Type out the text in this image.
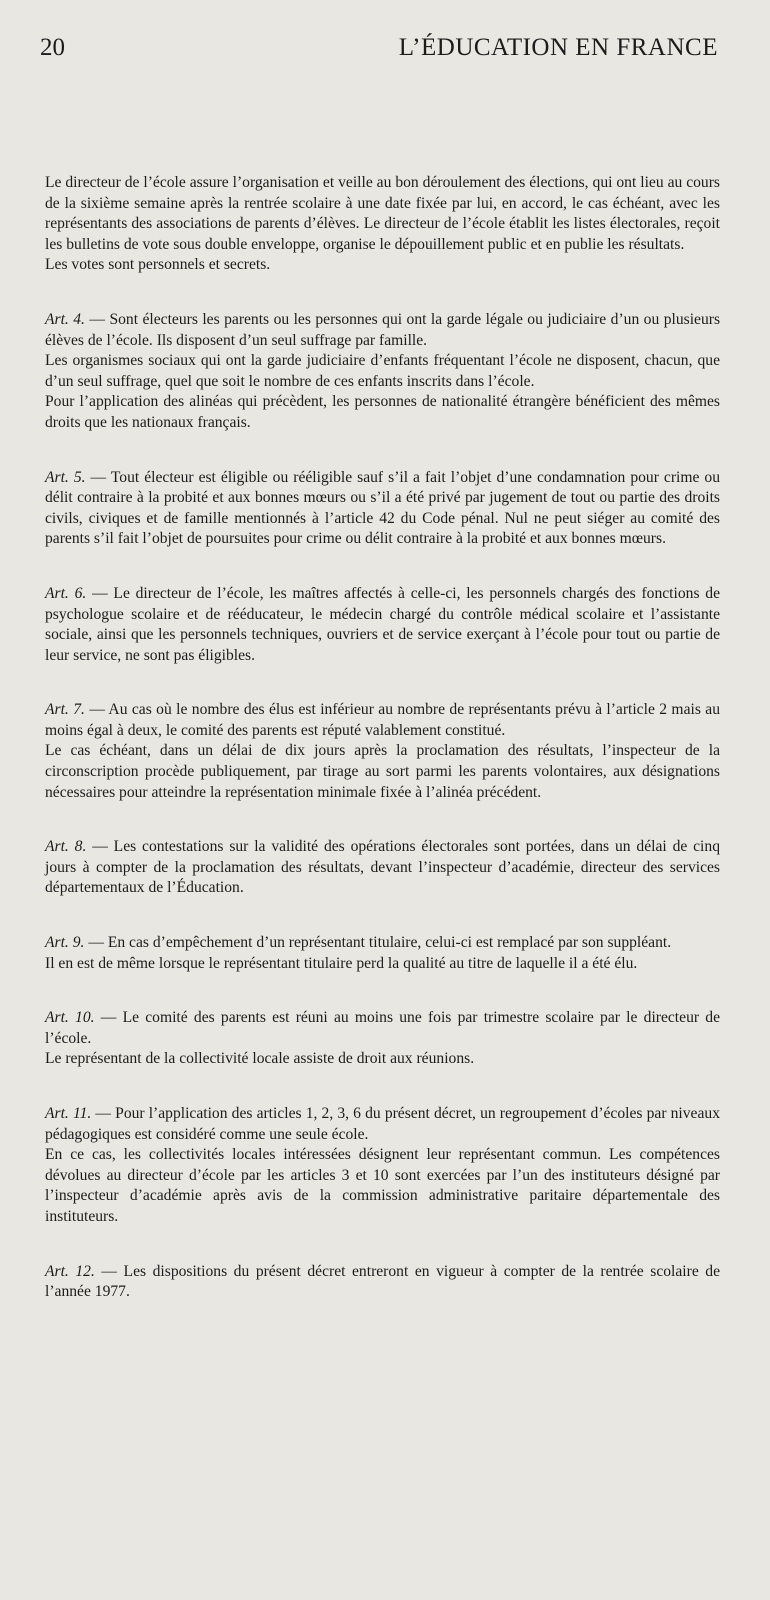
20	L’ÉDUCATION EN FRANCE

Le directeur de l’école assure l’organisation et veille au bon déroulement des élections, qui ont lieu au cours de la sixième semaine après la rentrée scolaire à une date fixée par lui, en accord, le cas échéant, avec les représentants des associations de parents d’élèves. Le directeur de l’école établit les listes électorales, reçoit les bulletins de vote sous double enveloppe, organise le dépouillement public et en publie les résultats.

Les votes sont personnels et secrets.

Art. 4. — Sont électeurs les parents ou les personnes qui ont la garde légale ou judiciaire d’un ou plusieurs élèves de l’école. Ils disposent d’un seul suffrage par famille.

Les organismes sociaux qui ont la garde judiciaire d’enfants fréquentant l’école ne disposent, chacun, que d’un seul suffrage, quel que soit le nombre de ces enfants inscrits dans l’école.

Pour l’application des alinéas qui précèdent, les personnes de nationalité étrangère bénéficient des mêmes droits que les nationaux français.

Art. 5. — Tout électeur est éligible ou rééligible sauf s’il a fait l’objet d’une condamnation pour crime ou délit contraire à la probité et aux bonnes mœurs ou s’il a été privé par jugement de tout ou partie des droits civils, civiques et de famille mentionnés à l’article 42 du Code pénal. Nul ne peut siéger au comité des parents s’il fait l’objet de poursuites pour crime ou délit contraire à la probité et aux bonnes mœurs.

Art. 6. — Le directeur de l’école, les maîtres affectés à celle-ci, les personnels chargés des fonctions de psychologue scolaire et de rééducateur, le médecin chargé du contrôle médical scolaire et l’assistante sociale, ainsi que les personnels techniques, ouvriers et de service exerçant à l’école pour tout ou partie de leur service, ne sont pas éligibles.

Art. 7. — Au cas où le nombre des élus est inférieur au nombre de représentants prévu à l’article 2 mais au moins égal à deux, le comité des parents est réputé valablement constitué.

Le cas échéant, dans un délai de dix jours après la proclamation des résultats, l’inspecteur de la circonscription procède publiquement, par tirage au sort parmi les parents volontaires, aux désignations nécessaires pour atteindre la représentation minimale fixée à l’alinéa précédent.

Art. 8. — Les contestations sur la validité des opérations électorales sont portées, dans un délai de cinq jours à compter de la proclamation des résultats, devant l’inspecteur d’académie, directeur des services départementaux de l’Éducation.

Art. 9. — En cas d’empêchement d’un représentant titulaire, celui-ci est remplacé par son suppléant.

Il en est de même lorsque le représentant titulaire perd la qualité au titre de laquelle il a été élu.

Art. 10. — Le comité des parents est réuni au moins une fois par trimestre scolaire par le directeur de l’école.

Le représentant de la collectivité locale assiste de droit aux réunions.

Art. 11. — Pour l’application des articles 1, 2, 3, 6 du présent décret, un regroupement d’écoles par niveaux pédagogiques est considéré comme une seule école.

En ce cas, les collectivités locales intéressées désignent leur représentant commun. Les compétences dévolues au directeur d’école par les articles 3 et 10 sont exercées par l’un des instituteurs désigné par l’inspecteur d’académie après avis de la commission administrative paritaire départementale des instituteurs.

Art. 12. — Les dispositions du présent décret entreront en vigueur à compter de la rentrée scolaire de l’année 1977.
